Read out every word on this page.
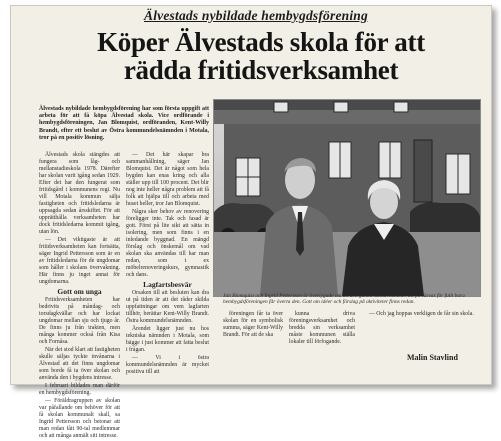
Älvestads nybildade hembygdsförening
Köper Älvestads skola för att rädda fritidsverksamhet

Älvestads nybildade hembygdsförening har som första uppgift att arbeta för att få köpa Älvestad skola. Vice ordförande i hembygdsföreningen, Jan Blomquist, ordföranden, Kent-Willy Brandt, efter ett beslut av Östra kommundelsnämnden i Motala, tror på en positiv lösning.

Älvestads skola stängdes att fungera som låg- och mellanstadieskola 1978. Därefter har skolan varit igång sedan 1929. Efter det har den fungerat som fritidsgård i kommunens regi. Nu vill Motala kommun sälja fastigheten och fritidsledarna är uppsagda sedan årsskiftet. För att upprätthålla verksamheten har dock fritidsledarna kommit igång, utan lön.

— Det viktigaste är att fritidsverksamheten kan fortsätta, säger Ingrid Pettersson som är en av fritidsledarna för de ungdomar som håller i skolans övervakning. Här finns ju inget annat för ungdomarna.

Gott om unga

Fritidsverksamheten har bedrivits på måndag- och torsdagkvällar och har lockat ungdomar mellan sju och tjugo år. De finns ju från trakten, men många kommer också från Kisa och Fornåsa.

När det stod klart att fastigheten skulle säljas tyckte invånarna i Älvestad att det finns ungdomar som borde få ta över skolan och använda den i bygdens intresse.

I februari bildades man därför en hembygdsförening.

— Föräldragruppen av skolan var påfallande om behöver för att få skolan kommunalt skall, sa Ingrid Pettersson och betonar att man redan fått 90-tal medlemmar och att många anmält sitt intresse.

— Det här skapar bra sammanhållning, säger Jan Blomquist. Det är något som hela bygden kan enas kring och alla ställer upp till 100 procent. Det blir nog inte heller några problem att få folk att hjälpa till och arbeta med huset heller, tror Jan Blomquist.

Några sker behov av renovering föreligger inte. Tak och fasad är gott. Först på lite sikt att sätta in isolering, men som finns i en inledande byggnad. En mängd förslag och önskemål om vad skolan ska användas till har man redan, som t ex möbelrenoveringskurs, gymnastik och dans.

Lagfartsbesvär

Orsaken till att besluten kan dra ut på tiden är att det råder skilda uppfattningar om vem lagfarten tillhör, berättar Kent-Willy Brandt. Östra kommundelsnämnden.

Ärendet ligger just nu hos tekniska nämnden i Motala, som bägge i just kommer att fatta beslut i frågan.

— Vi i östra kommundelsnämnden är mycket positiva till att

Jan Blomquist och Ingrid Pettersson är övertygade om att den gamla skolan kommer att förvärvas för fullt bara hembygdsföreningen får överta den. Gott om idéer och förslag på aktiviteter finns redan.

föreningen får ta över skolan för en symbolisk summa, säger Kent-Willy Brandt. För att de ska

kunna driva föreningsverksamhet och bredda sin verksamhet måste kommunen ställa lokaler till förfogande.

— Och jag hoppas verkligen de får sin skola.

Malin Stavlind
